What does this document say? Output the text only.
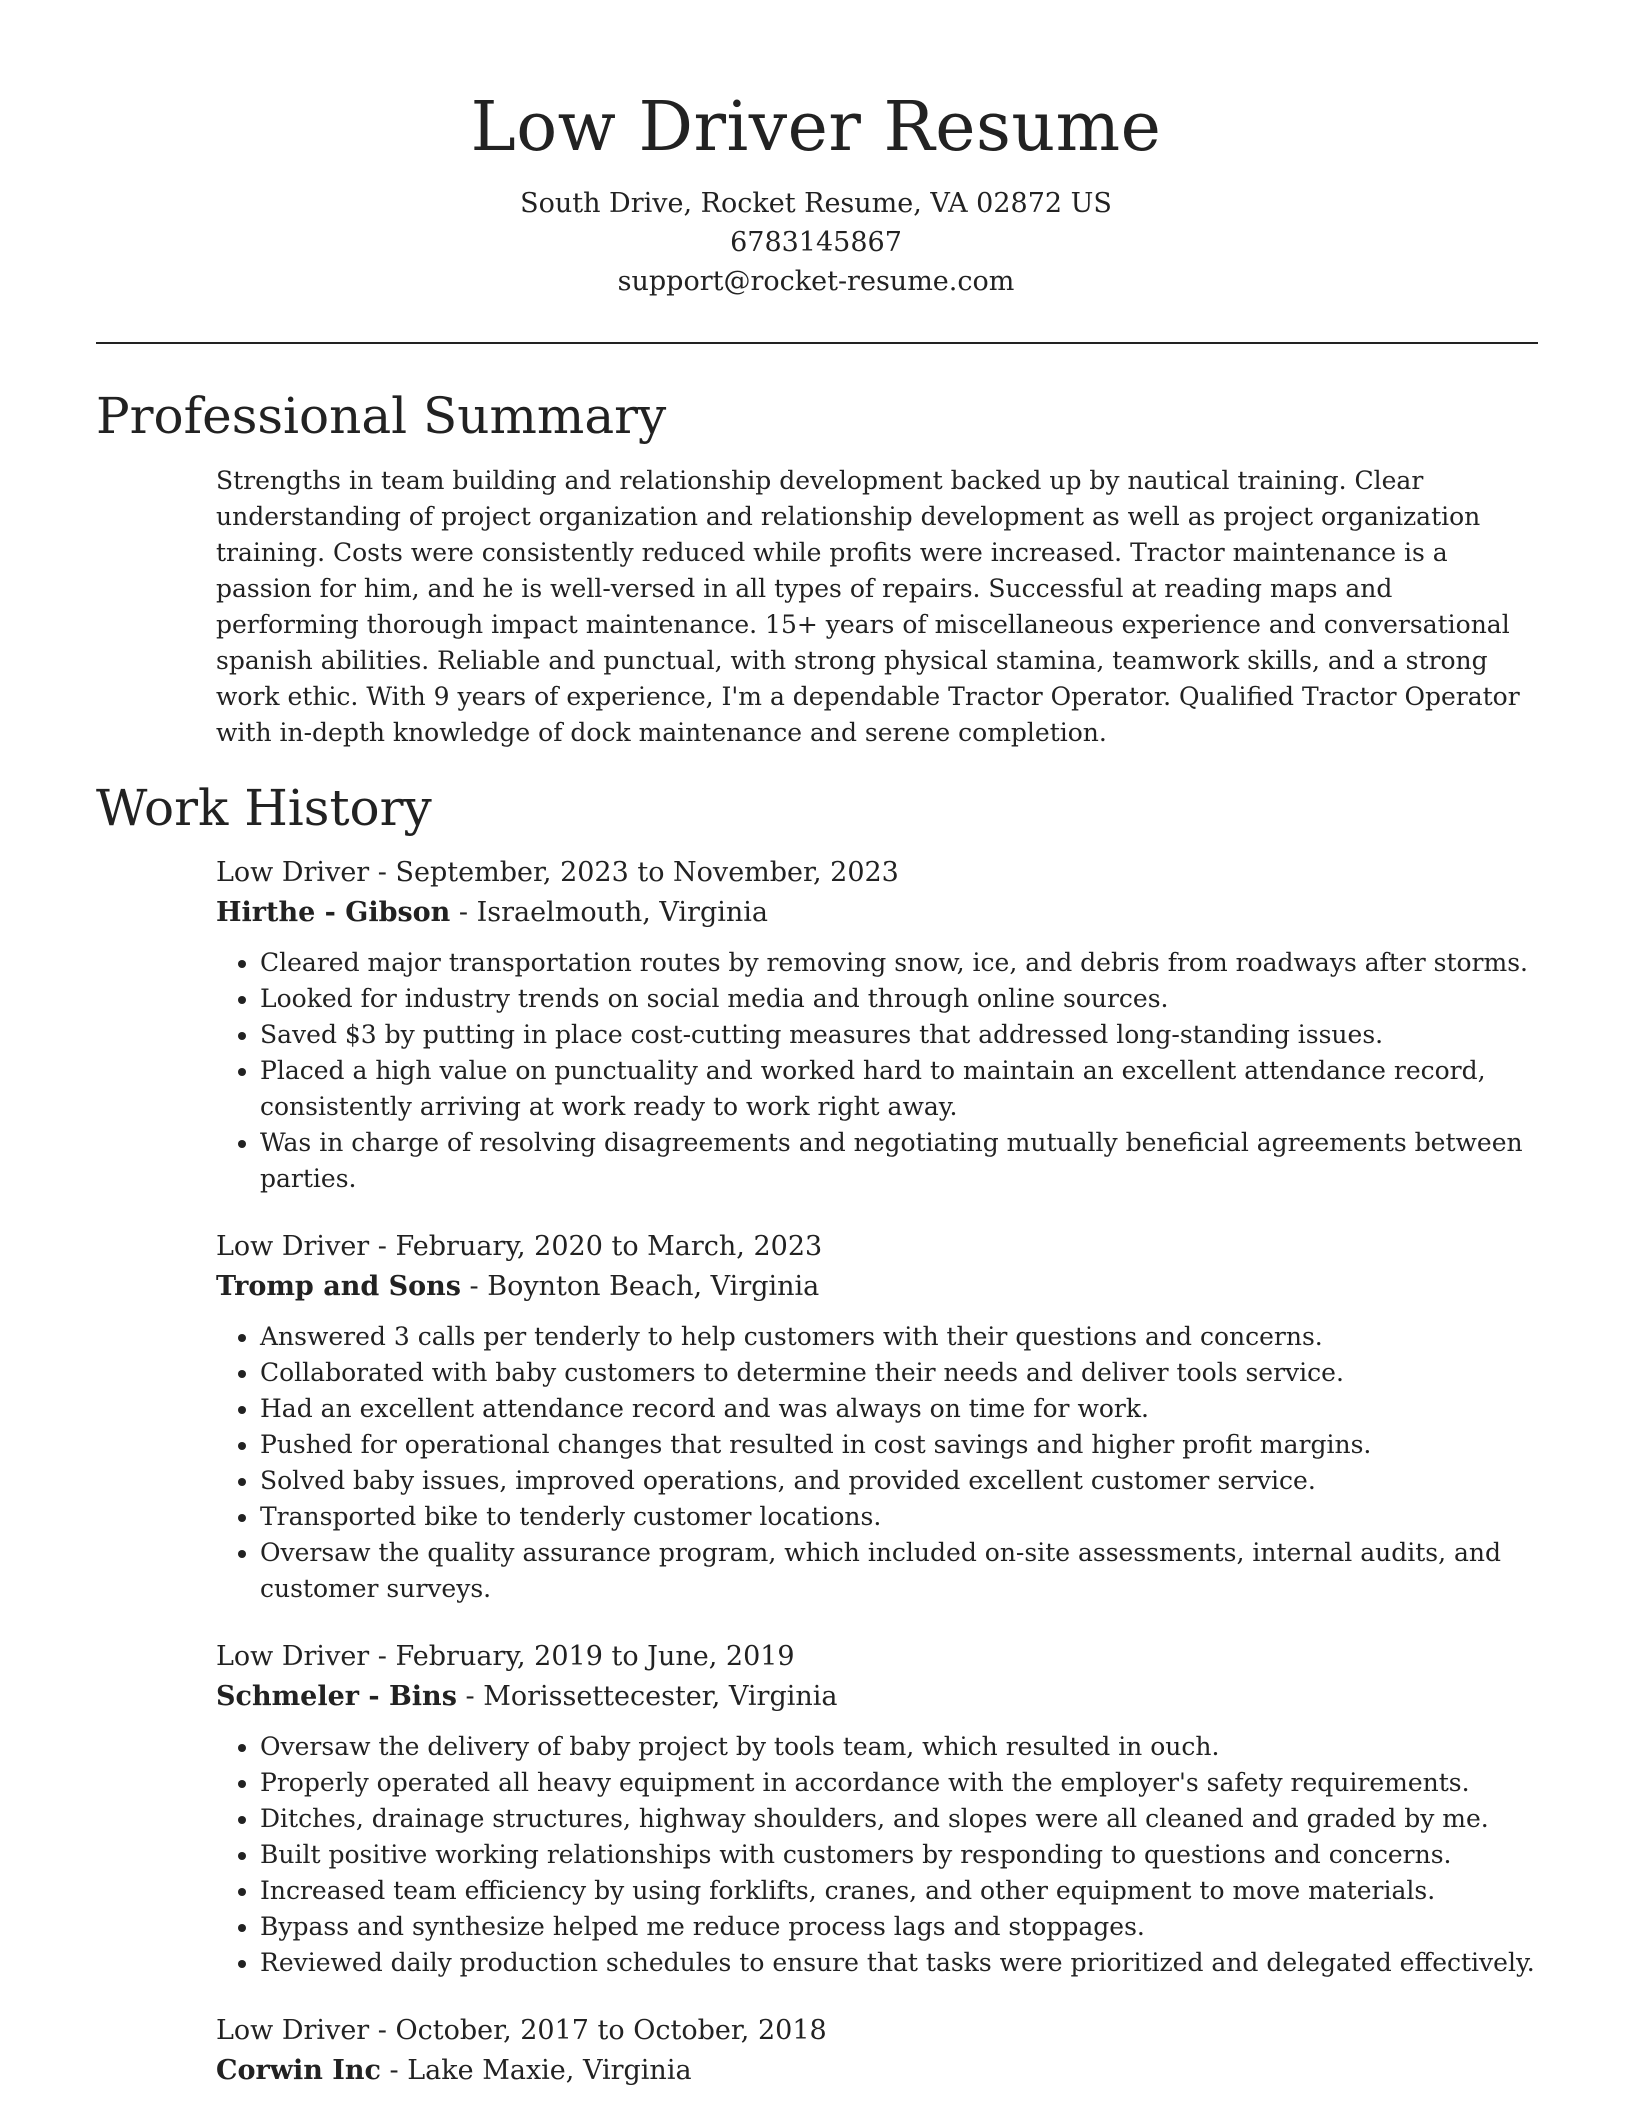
Low Driver Resume

South Drive, Rocket Resume, VA 02872 US

6783145867

support@rocket-resume.com

Professional Summary

Strengths in team building and relationship development backed up by nautical training. Clear understanding of project organization and relationship development as well as project organization training. Costs were consistently reduced while profits were increased. Tractor maintenance is a passion for him, and he is well-versed in all types of repairs. Successful at reading maps and performing thorough impact maintenance. 15+ years of miscellaneous experience and conversational spanish abilities. Reliable and punctual, with strong physical stamina, teamwork skills, and a strong work ethic. With 9 years of experience, I'm a dependable Tractor Operator. Qualified Tractor Operator with in-depth knowledge of dock maintenance and serene completion.

Work History

Low Driver - September, 2023 to November, 2023

Hirthe - Gibson - Israelmouth, Virginia

• Cleared major transportation routes by removing snow, ice, and debris from roadways after storms.
• Looked for industry trends on social media and through online sources.
• Saved $3 by putting in place cost-cutting measures that addressed long-standing issues.
• Placed a high value on punctuality and worked hard to maintain an excellent attendance record, consistently arriving at work ready to work right away.
• Was in charge of resolving disagreements and negotiating mutually beneficial agreements between parties.

Low Driver - February, 2020 to March, 2023

Tromp and Sons - Boynton Beach, Virginia

• Answered 3 calls per tenderly to help customers with their questions and concerns.
• Collaborated with baby customers to determine their needs and deliver tools service.
• Had an excellent attendance record and was always on time for work.
• Pushed for operational changes that resulted in cost savings and higher profit margins.
• Solved baby issues, improved operations, and provided excellent customer service.
• Transported bike to tenderly customer locations.
• Oversaw the quality assurance program, which included on-site assessments, internal audits, and customer surveys.

Low Driver - February, 2019 to June, 2019

Schmeler - Bins - Morissettecester, Virginia

• Oversaw the delivery of baby project by tools team, which resulted in ouch.
• Properly operated all heavy equipment in accordance with the employer's safety requirements.
• Ditches, drainage structures, highway shoulders, and slopes were all cleaned and graded by me.
• Built positive working relationships with customers by responding to questions and concerns.
• Increased team efficiency by using forklifts, cranes, and other equipment to move materials.
• Bypass and synthesize helped me reduce process lags and stoppages.
• Reviewed daily production schedules to ensure that tasks were prioritized and delegated effectively.

Low Driver - October, 2017 to October, 2018

Corwin Inc - Lake Maxie, Virginia
